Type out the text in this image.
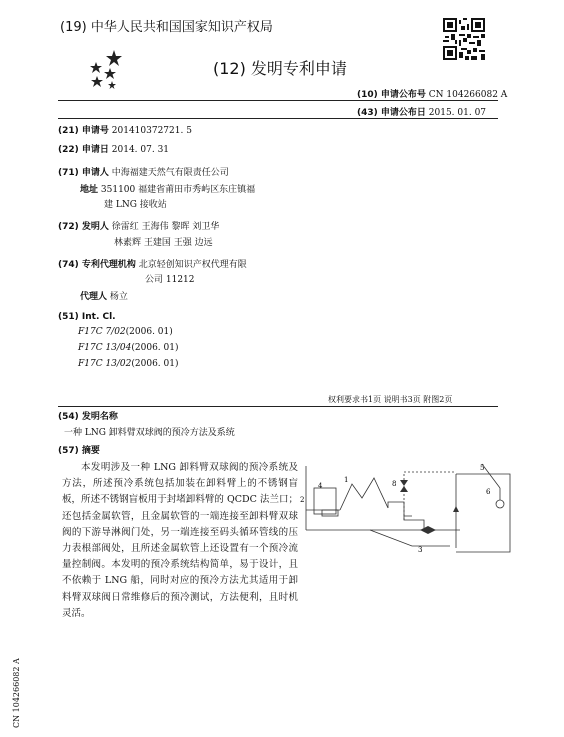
(19) 中华人民共和国国家知识产权局
(12) 发明专利申请
(10) 申请公布号 CN 104266082 A
(43) 申请公布日 2015. 01. 07
(21) 申请号 201410372721. 5
(22) 申请日 2014. 07. 31
(71) 申请人 中海福建天然气有限责任公司
地址 351100 福建省莆田市秀屿区东庄镇福
建 LNG 接收站
(72) 发明人 徐雷红 王海伟 黎晖 刘卫华
林素辉 王建国 王强 边远
(74) 专利代理机构 北京轻创知识产权代理有限
公司 11212
代理人 杨立
(51) Int. Cl.
F17C 7/02(2006. 01)
F17C 13/04(2006. 01)
F17C 13/02(2006. 01)
权利要求书1页 说明书3页 附图2页
(54) 发明名称
一种 LNG 卸料臂双球阀的预冷方法及系统
(57) 摘要
本发明涉及一种 LNG 卸料臂双球阀的预冷系统及方法，所述预冷系统包括加装在卸料臂上的不锈钢盲板，所述不锈钢盲板用于封堵卸料臂的 QCDC 法兰口；还包括金属软管，且金属软管的一端连接至卸料臂双球阀的下游导淋阀门处，另一端连接至码头循环管线的压力表根部阀处，且所述金属软管上还设置有一个预冷流量控制阀。本发明的预冷系统结构简单，易于设计，且不依赖于 LNG 船，同时对应的预冷方法尤其适用于卸料臂双球阀日常维修后的预冷测试，方法便利，且时机灵活。
1
2
3
4
5
6
8
CN 104266082 A
